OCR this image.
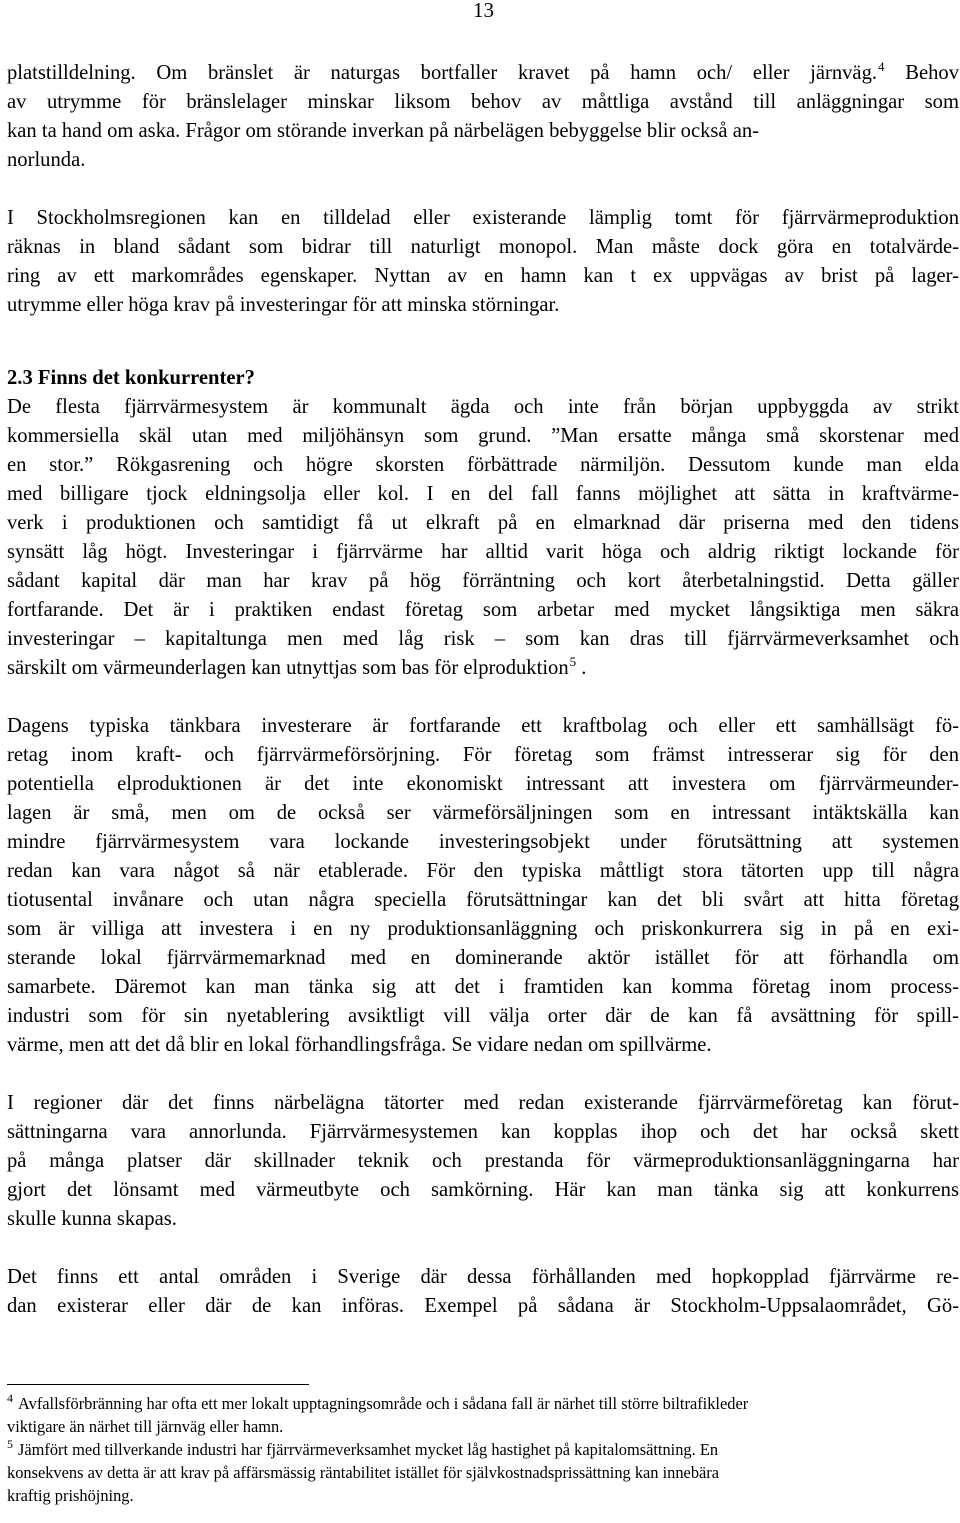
13
platstilldelning. Om bränslet är naturgas bortfaller kravet på hamn och/ eller järnväg.$^4$ Behov
av utrymme för bränslelager minskar liksom behov av måttliga avstånd till anläggningar som
kan ta hand om aska. Frågor om störande inverkan på närbelägen bebyggelse blir också an-
norlunda.
I Stockholmsregionen kan en tilldelad eller existerande lämplig tomt för fjärrvärmeproduktion
räknas in bland sådant som bidrar till naturligt monopol. Man måste dock göra en totalvärde-
ring av ett markområdes egenskaper. Nyttan av en hamn kan t ex uppvägas av brist på lager-
utrymme eller höga krav på investeringar för att minska störningar.
2.3 Finns det konkurrenter?
De flesta fjärrvärmesystem är kommunalt ägda och inte från början uppbyggda av strikt
kommersiella skäl utan med miljöhänsyn som grund. ”Man ersatte många små skorstenar med
en stor.” Rökgasrening och högre skorsten förbättrade närmiljön. Dessutom kunde man elda
med billigare tjock eldningsolja eller kol. I en del fall fanns möjlighet att sätta in kraftvärme-
verk i produktionen och samtidigt få ut elkraft på en elmarknad där priserna med den tidens
synsätt låg högt. Investeringar i fjärrvärme har alltid varit höga och aldrig riktigt lockande för
sådant kapital där man har krav på hög förräntning och kort återbetalningstid. Detta gäller
fortfarande. Det är i praktiken endast företag som arbetar med mycket långsiktiga men säkra
investeringar – kapitaltunga men med låg risk – som kan dras till fjärrvärmeverksamhet och
särskilt om värmeunderlagen kan utnyttjas som bas för elproduktion$^5$ .
Dagens typiska tänkbara investerare är fortfarande ett kraftbolag och eller ett samhällsägt fö-
retag inom kraft- och fjärrvärmeförsörjning. För företag som främst intresserar sig för den
potentiella elproduktionen är det inte ekonomiskt intressant att investera om fjärrvärmeunder-
lagen är små, men om de också ser värmeförsäljningen som en intressant intäktskälla kan
mindre fjärrvärmesystem vara lockande investeringsobjekt under förutsättning att systemen
redan kan vara något så när etablerade. För den typiska måttligt stora tätorten upp till några
tiotusental invånare och utan några speciella förutsättningar kan det bli svårt att hitta företag
som är villiga att investera i en ny produktionsanläggning och priskonkurrera sig in på en exi-
sterande lokal fjärrvärmemarknad med en dominerande aktör istället för att förhandla om
samarbete. Däremot kan man tänka sig att det i framtiden kan komma företag inom process-
industri som för sin nyetablering avsiktligt vill välja orter där de kan få avsättning för spill-
värme, men att det då blir en lokal förhandlingsfråga. Se vidare nedan om spillvärme.
I regioner där det finns närbelägna tätorter med redan existerande fjärrvärmeföretag kan förut-
sättningarna vara annorlunda. Fjärrvärmesystemen kan kopplas ihop och det har också skett
på många platser där skillnader teknik och prestanda för värmeproduktionsanläggningarna har
gjort det lönsamt med värmeutbyte och samkörning. Här kan man tänka sig att konkurrens
skulle kunna skapas.
Det finns ett antal områden i Sverige där dessa förhållanden med hopkopplad fjärrvärme re-
dan existerar eller där de kan införas. Exempel på sådana är Stockholm-Uppsalaområdet, Gö-
$^4$ Avfallsförbränning har ofta ett mer lokalt upptagningsområde och i sådana fall är närhet till större biltrafikleder
viktigare än närhet till järnväg eller hamn.
$^5$ Jämfört med tillverkande industri har fjärrvärmeverksamhet mycket låg hastighet på kapitalomsättning. En
konsekvens av detta är att krav på affärsmässig räntabilitet istället för självkostnadsprissättning kan innebära
kraftig prishöjning.
